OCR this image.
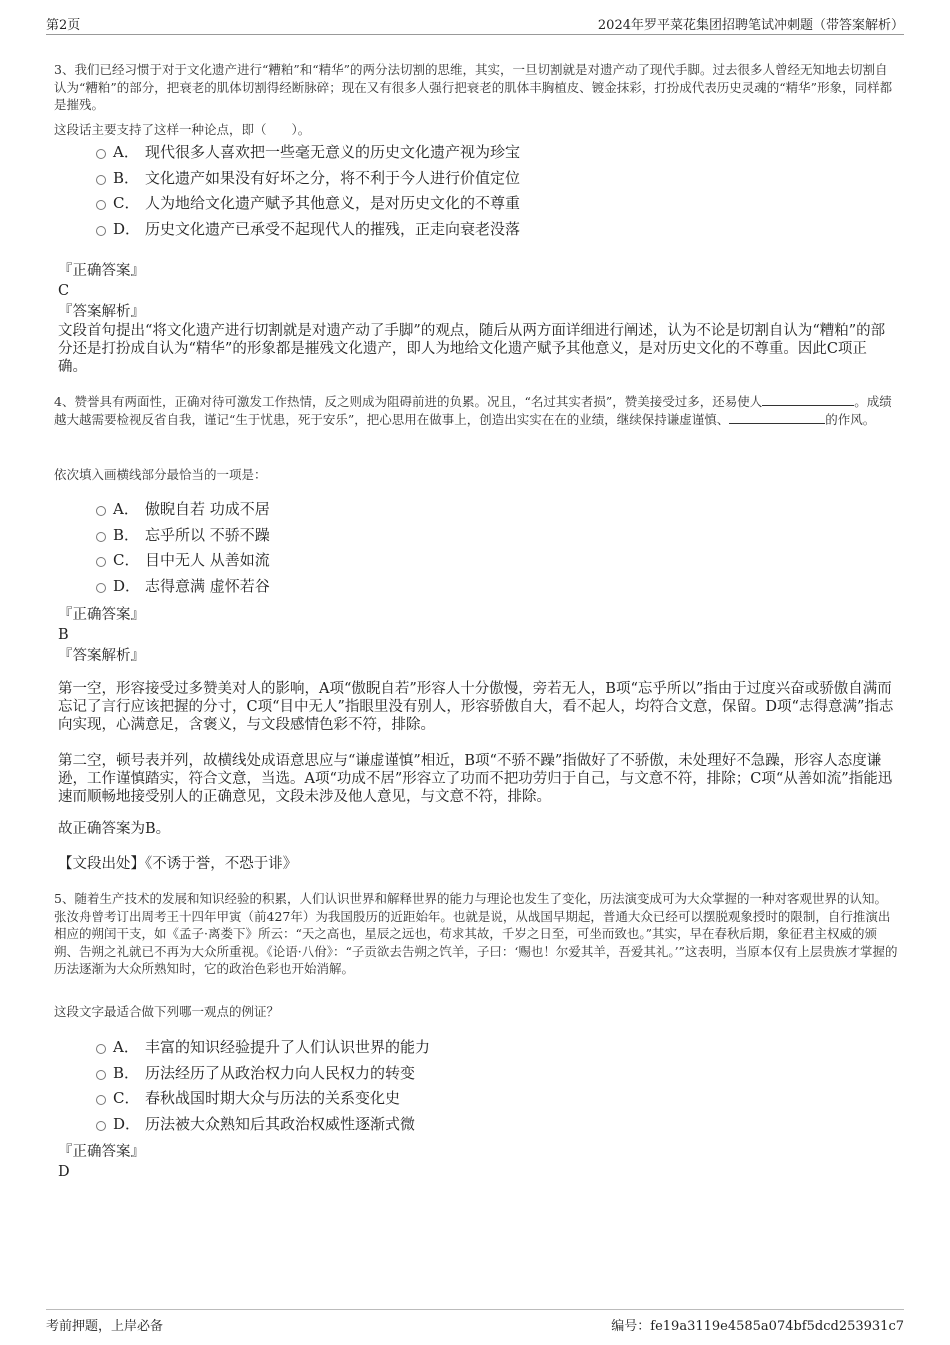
第2页	2024年罗平菜花集团招聘笔试冲刺题（带答案解析）
3、我们已经习惯于对于文化遗产进行“糟粕”和“精华”的两分法切割的思维，其实，一旦切割就是对遗产动了现代手脚。过去很多人曾经无知地去切割自认为“糟粕”的部分，把衰老的肌体切割得经断脉碎；现在又有很多人强行把衰老的肌体丰胸植皮、镀金抹彩，打扮成代表历史灵魂的“精华”形象，同样都是摧残。
这段话主要支持了这样一种论点，即（　　）。
A． 现代很多人喜欢把一些毫无意义的历史文化遗产视为珍宝
B． 文化遗产如果没有好坏之分，将不利于今人进行价值定位
C． 人为地给文化遗产赋予其他意义，是对历史文化的不尊重
D． 历史文化遗产已承受不起现代人的摧残，正走向衰老没落
『正确答案』
C
『答案解析』
文段首句提出“将文化遗产进行切割就是对遗产动了手脚”的观点，随后从两方面详细进行阐述，认为不论是切割自认为“糟粕”的部分还是打扮成自认为“精华”的形象都是摧残文化遗产，即人为地给文化遗产赋予其他意义，是对历史文化的不尊重。因此C项正确。
4、赞誉具有两面性，正确对待可激发工作热情，反之则成为阻碍前进的负累。况且，“名过其实者损”，赞美接受过多，还易使人	。成绩越大越需要检视反省自我，谨记“生于忧患，死于安乐”，把心思用在做事上，创造出实实在在的业绩，继续保持谦虚谨慎、	的作风。
依次填入画横线部分最恰当的一项是：
A． 傲睨自若 功成不居
B． 忘乎所以 不骄不躁
C． 目中无人 从善如流
D． 志得意满 虚怀若谷
『正确答案』
B
『答案解析』
第一空，形容接受过多赞美对人的影响，A项“傲睨自若”形容人十分傲慢，旁若无人，B项“忘乎所以”指由于过度兴奋或骄傲自满而忘记了言行应该把握的分寸，C项“目中无人”指眼里没有别人，形容骄傲自大，看不起人，均符合文意，保留。D项“志得意满”指志向实现，心满意足，含褒义，与文段感情色彩不符，排除。
第二空，顿号表并列，故横线处成语意思应与“谦虚谨慎”相近，B项“不骄不躁”指做好了不骄傲，未处理好不急躁，形容人态度谦逊，工作谨慎踏实，符合文意，当选。A项“功成不居”形容立了功而不把功劳归于自己，与文意不符，排除；C项“从善如流”指能迅速而顺畅地接受别人的正确意见，文段未涉及他人意见，与文意不符，排除。
故正确答案为B。
【文段出处】《不诱于誉，不恐于诽》
5、随着生产技术的发展和知识经验的积累，人们认识世界和解释世界的能力与理论也发生了变化，历法演变成可为大众掌握的一种对客观世界的认知。张汝舟曾考订出周考王十四年甲寅（前427年）为我国殷历的近距始年。也就是说，从战国早期起，普通大众已经可以摆脱观象授时的限制，自行推演出相应的朔闰干支，如《孟子·离娄下》所云：“天之高也，星辰之远也，苟求其故，千岁之日至，可坐而致也。”其实，早在春秋后期，象征君主权威的颁朔、告朔之礼就已不再为大众所重视。《论语·八佾》：“子贡欲去告朔之饩羊，子曰：‘赐也！尔爱其羊，吾爱其礼。’”这表明，当原本仅有上层贵族才掌握的历法逐渐为大众所熟知时，它的政治色彩也开始消解。
这段文字最适合做下列哪一观点的例证？
A． 丰富的知识经验提升了人们认识世界的能力
B． 历法经历了从政治权力向人民权力的转变
C． 春秋战国时期大众与历法的关系变化史
D． 历法被大众熟知后其政治权威性逐渐式微
『正确答案』
D
考前押题，上岸必备	编号：fe19a3119e4585a074bf5dcd253931c7
